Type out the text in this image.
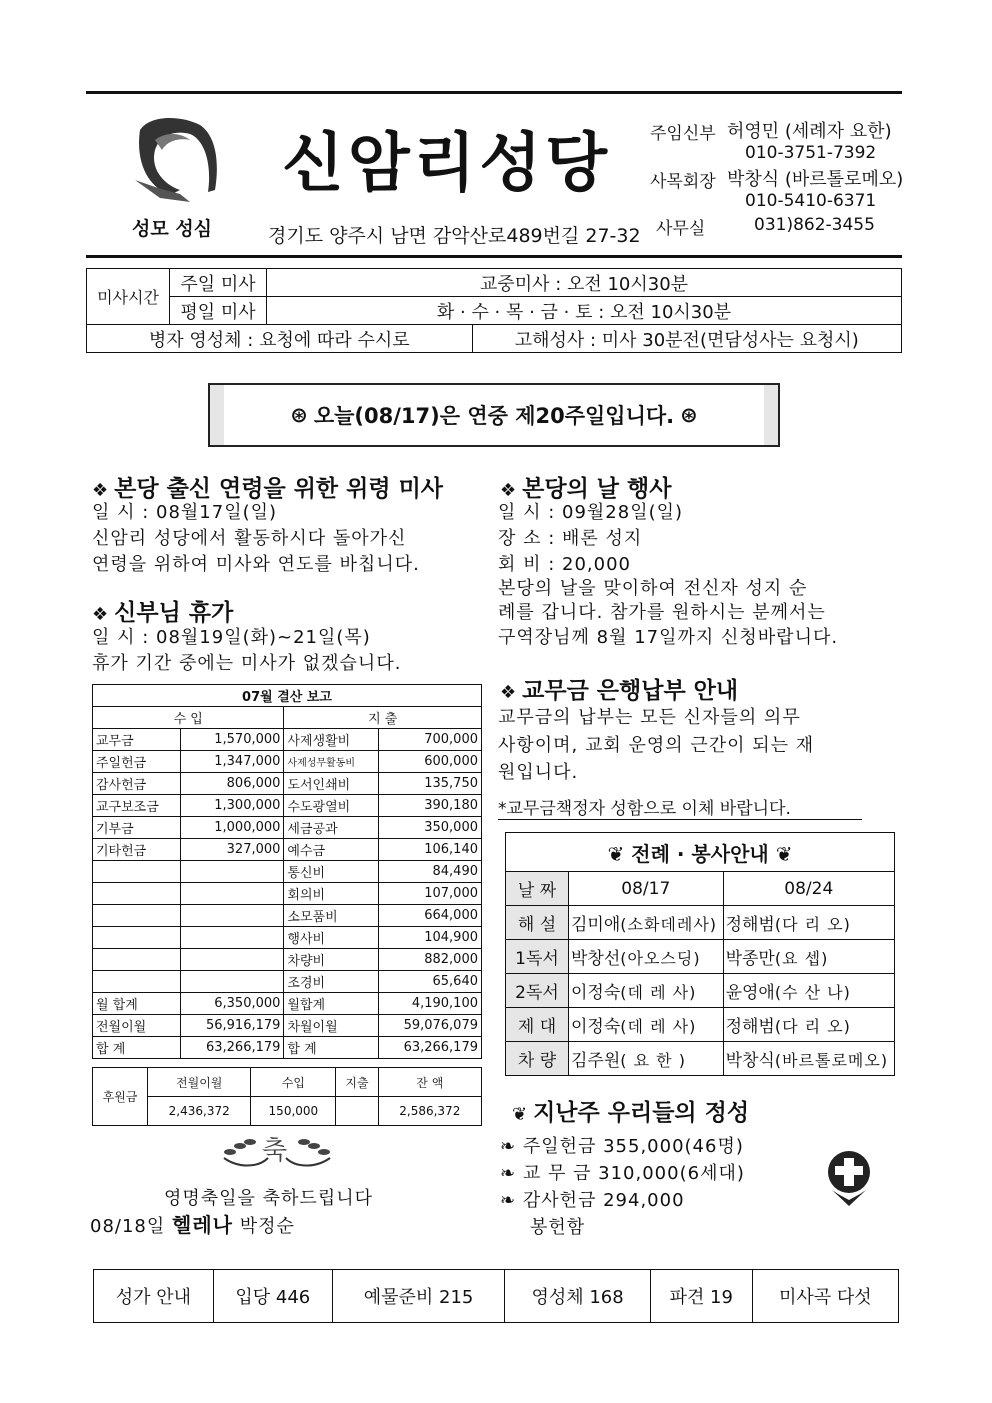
성모 성심
신암리성당
경기도 양주시 남면 감악산로489번길 27-32
주임신부 허영민 (세례자 요한)
010-3751-7392
사목회장 박창식 (바르톨로메오)
010-5410-6371
사무실	031)862-3455
미사시간	주일 미사	교중미사 : 오전 10시30분	
	평일 미사	화 · 수 · 목 · 금 · 토 : 오전 10시30분	
병자 영성체 : 요청에 따라 수시로			고해성사 : 미사 30분전(면담성사는 요청시)
⊛ 오늘(08/17)은 연중 제20주일입니다. ⊛
❖ 본당 출신 연령을 위한 위령 미사
일 시 : 08월17일(일)
신암리 성당에서 활동하시다 돌아가신
연령을 위하여 미사와 연도를 바칩니다.
❖ 신부님 휴가
일 시 : 08월19일(화)~21일(목)
휴가 기간 중에는 미사가 없겠습니다.
07월 결산 보고			
수 입		지 출	
교무금	1,570,000	사제생활비	700,000
주일헌금	1,347,000	사제성무활동비	600,000
감사헌금	806,000	도서인쇄비	135,750
교구보조금	1,300,000	수도광열비	390,180
기부금	1,000,000	세금공과	350,000
기타헌금	327,000	예수금	106,140
		통신비	84,490
		회의비	107,000
		소모품비	664,000
		행사비	104,900
		차량비	882,000
		조경비	65,640
월 합계	6,350,000	월합계	4,190,100
전월이월	56,916,179	차월이월	59,076,079
합 계	63,266,179	합 계	63,266,179
후원금	전월이월	수입	지출	잔 액
	2,436,372	150,000		2,586,372
축
영명축일을 축하드립니다
08/18일 헬레나 박정순
❖ 본당의 날 행사
일 시 : 09월28일(일)
장 소 : 배론 성지
회 비 : 20,000
본당의 날을 맞이하여 전신자 성지 순
례를 갑니다. 참가를 원하시는 분께서는
구역장님께 8월 17일까지 신청바랍니다.
❖ 교무금 은행납부 안내
교무금의 납부는 모든 신자들의 의무
사항이며, 교회 운영의 근간이 되는 재
원입니다.
*교무금책정자 성함으로 이체 바랍니다.
❦ 전례 · 봉사안내 ❦		
날 짜	08/17	08/24
해 설	김미애(소화데레사)	정해범(다 리 오)
1독서	박창선(아오스딩)	박종만(요 셉)
2독서	이정숙(데 레 사)	윤영애(수 산 나)
제 대	이정숙(데 레 사)	정해범(다 리 오)
차 량	김주원( 요 한 )	박창식(바르톨로메오)
❦ 지난주 우리들의 정성
❧ 주일헌금 355,000(46명)
❧ 교 무 금 310,000(6세대)
❧ 감사헌금 294,000
봉헌함
성가 안내	입당 446	예물준비 215	영성체 168	파견 19	미사곡 다섯
